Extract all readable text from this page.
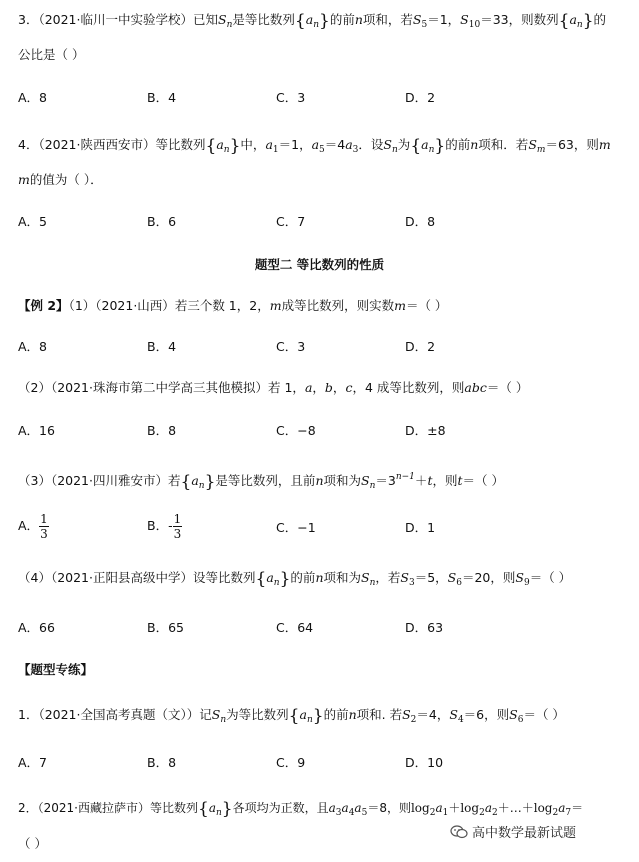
3．（2021·临川一中实验学校）已知$S_n$是等比数列$\{a_n\}$的前n项和，若$S_5=1$，$S_{10}=33$，则数列$\{a_n\}$的
公比是（ ）
A．8	B．4	C．3	D．2
4．（2021·陕西西安市）等比数列$\{a_n\}$中，$a_1=1$，$a_5=4a_3$．设$S_n$为$\{a_n\}$的前n项和．若$S_m=63$，则m
m的值为（ ）．
A．5	B．6	C．7	D．8
题型二 等比数列的性质
【例 2】（1）（2021·山西）若三个数 1，2，m成等比数列，则实数m＝（ ）
A．8	B．4	C．3	D．2
（2）（2021·珠海市第二中学高三其他模拟）若 1，a，b，c，4 成等比数列，则abc＝（ ）
A．16	B．8	C．−8	D．±8
（3）（2021·四川雅安市）若$\{a_n\}$是等比数列，且前n项和为$S_n=3^{n-1}+t$，则t＝（ ）
A． $\frac{1}{3}$	B．- $\frac{1}{3}$	C．−1	D．1
（4）（2021·正阳县高级中学）设等比数列$\{a_n\}$的前n项和为$S_n$，若$S_3=5$，$S_6=20$，则$S_9=$（ ）
A．66	B．65	C．64	D．63
【题型专练】
1．（2021·全国高考真题（文））记$S_n$为等比数列$\{a_n\}$的前n项和. 若$S_2=4$，$S_4=6$，则$S_6=$（ ）
A．7	B．8	C．9	D．10
2．（2021·西藏拉萨市）等比数列$\{a_n\}$各项均为正数，且$a_3a_4a_5=8$，则$\log_2a_1+\log_2a_2+\dots+\log_2a_7=$
（ ）
高中数学最新试题
